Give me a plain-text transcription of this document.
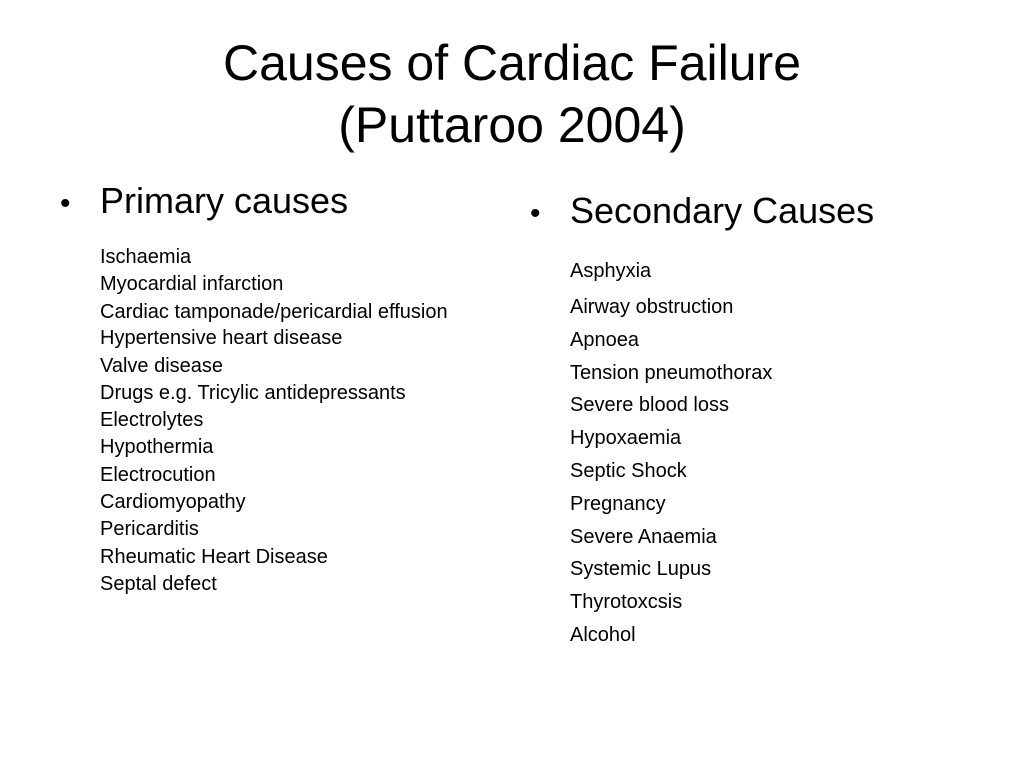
Causes of Cardiac Failure
(Puttaroo 2004)
• Primary causes
Ischaemia
Myocardial infarction
Cardiac tamponade/pericardial effusion
Hypertensive heart disease
Valve disease
Drugs e.g. Tricylic antidepressants
Electrolytes
Hypothermia
Electrocution
Cardiomyopathy
Pericarditis
Rheumatic Heart Disease
Septal defect
• Secondary Causes
Asphyxia
Airway obstruction
Apnoea
Tension pneumothorax
Severe blood loss
Hypoxaemia
Septic Shock
Pregnancy
Severe Anaemia
Systemic Lupus
Thyrotoxcsis
Alcohol
